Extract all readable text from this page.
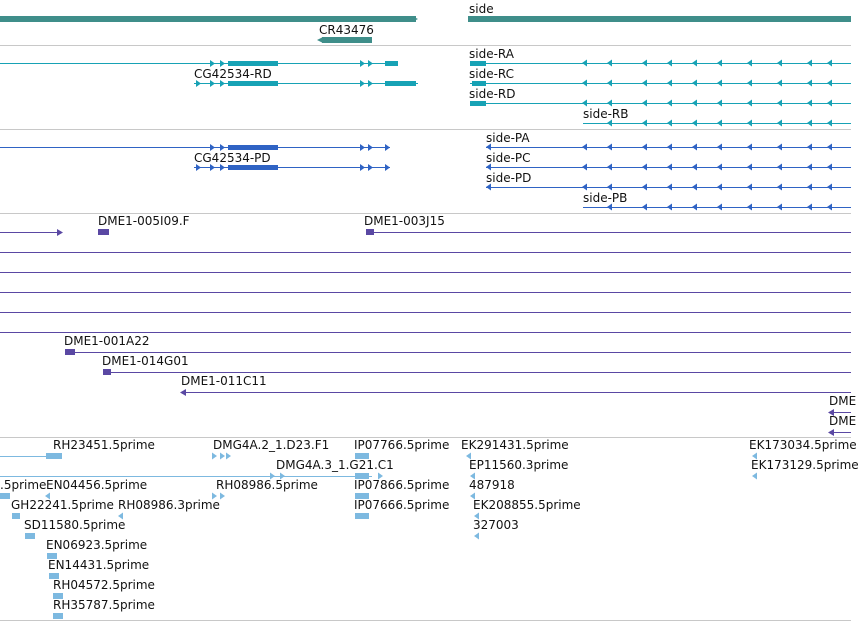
side
CR43476
CG42534-RD
side-RA
side-RC
side-RD
side-RB
CG42534-PD
side-PA
side-PC
side-PD
side-PB
DME1-005I09.F	DME1-003J15
DME1-001A22
DME1-014G01
DME1-011C11
DME
DME
RH23451.5prime	DMG4A.2_1.D23.F1 IP07766.5prime EK291431.5prime	EK173034.5prime
DMG4A.3_1.G21.C1	EP11560.3prime	EK173129.5prime
.5prime EN04456.5prime	RH08986.5prime	IP07866.5prime 487918
GH22241.5prime RH08986.3prime	IP07666.5prime EK208855.5prime
SD11580.5prime	327003
EN06923.5prime
EN14431.5prime
RH04572.5prime
RH35787.5prime
